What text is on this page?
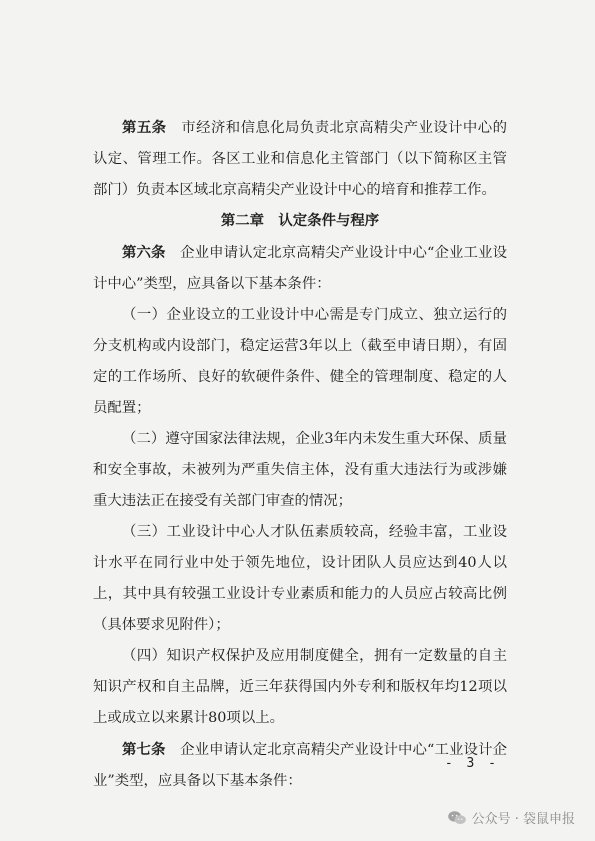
第五条　 市经济和信息化局负责北京高精尖产业设计中心的认定、管理工作。各区工业和信息化主管部门（以下简称区主管部门）负责本区域北京高精尖产业设计中心的培育和推荐工作。

第二章　认定条件与程序

第六条　 企业申请认定北京高精尖产业设计中心“企业工业设计中心”类型，应具备以下基本条件：

（一）企业设立的工业设计中心需是专门成立、独立运行的分支机构或内设部门，稳定运营3年以上（截至申请日期），有固定的工作场所、良好的软硬件条件、健全的管理制度、稳定的人员配置；

（二）遵守国家法律法规，企业3年内未发生重大环保、质量和安全事故，未被列为严重失信主体，没有重大违法行为或涉嫌重大违法正在接受有关部门审查的情况；

（三）工业设计中心人才队伍素质较高，经验丰富，工业设计水平在同行业中处于领先地位，设计团队人员应达到40人以上，其中具有较强工业设计专业素质和能力的人员应占较高比例（具体要求见附件）；

（四）知识产权保护及应用制度健全，拥有一定数量的自主知识产权和自主品牌，近三年获得国内外专利和版权年均12项以上或成立以来累计80项以上。

第七条　 企业申请认定北京高精尖产业设计中心“工业设计企业”类型，应具备以下基本条件：

- 3 -
公众号 · 袋鼠申报
